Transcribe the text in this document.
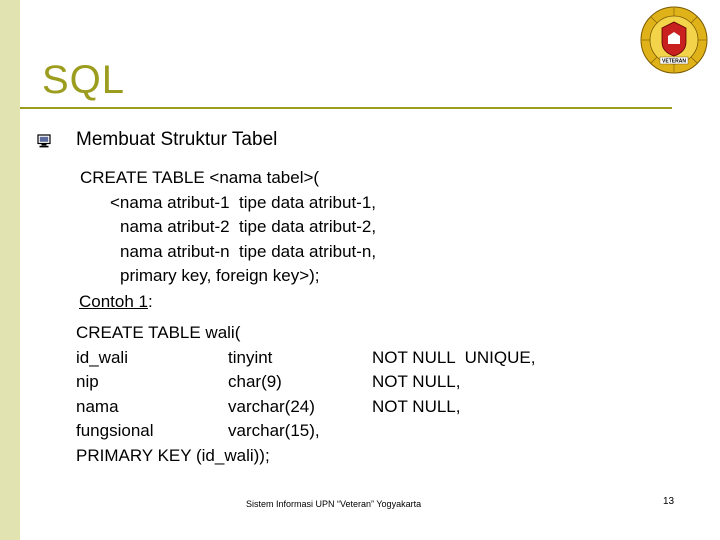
SQL	VETERAN
Membuat Struktur Tabel
CREATE TABLE <nama tabel>(
<nama atribut-1  tipe data atribut-1,
nama atribut-2  tipe data atribut-2,
nama atribut-n  tipe data atribut-n,
primary key, foreign key>);
Contoh 1:
CREATE TABLE wali(
id_wali	tinyint	NOT NULL  UNIQUE,
nip	char(9)	NOT NULL,
nama	varchar(24)	NOT NULL,
fungsional	varchar(15),
PRIMARY KEY (id_wali));
Sistem Informasi UPN “Veteran” Yogyakarta	13
